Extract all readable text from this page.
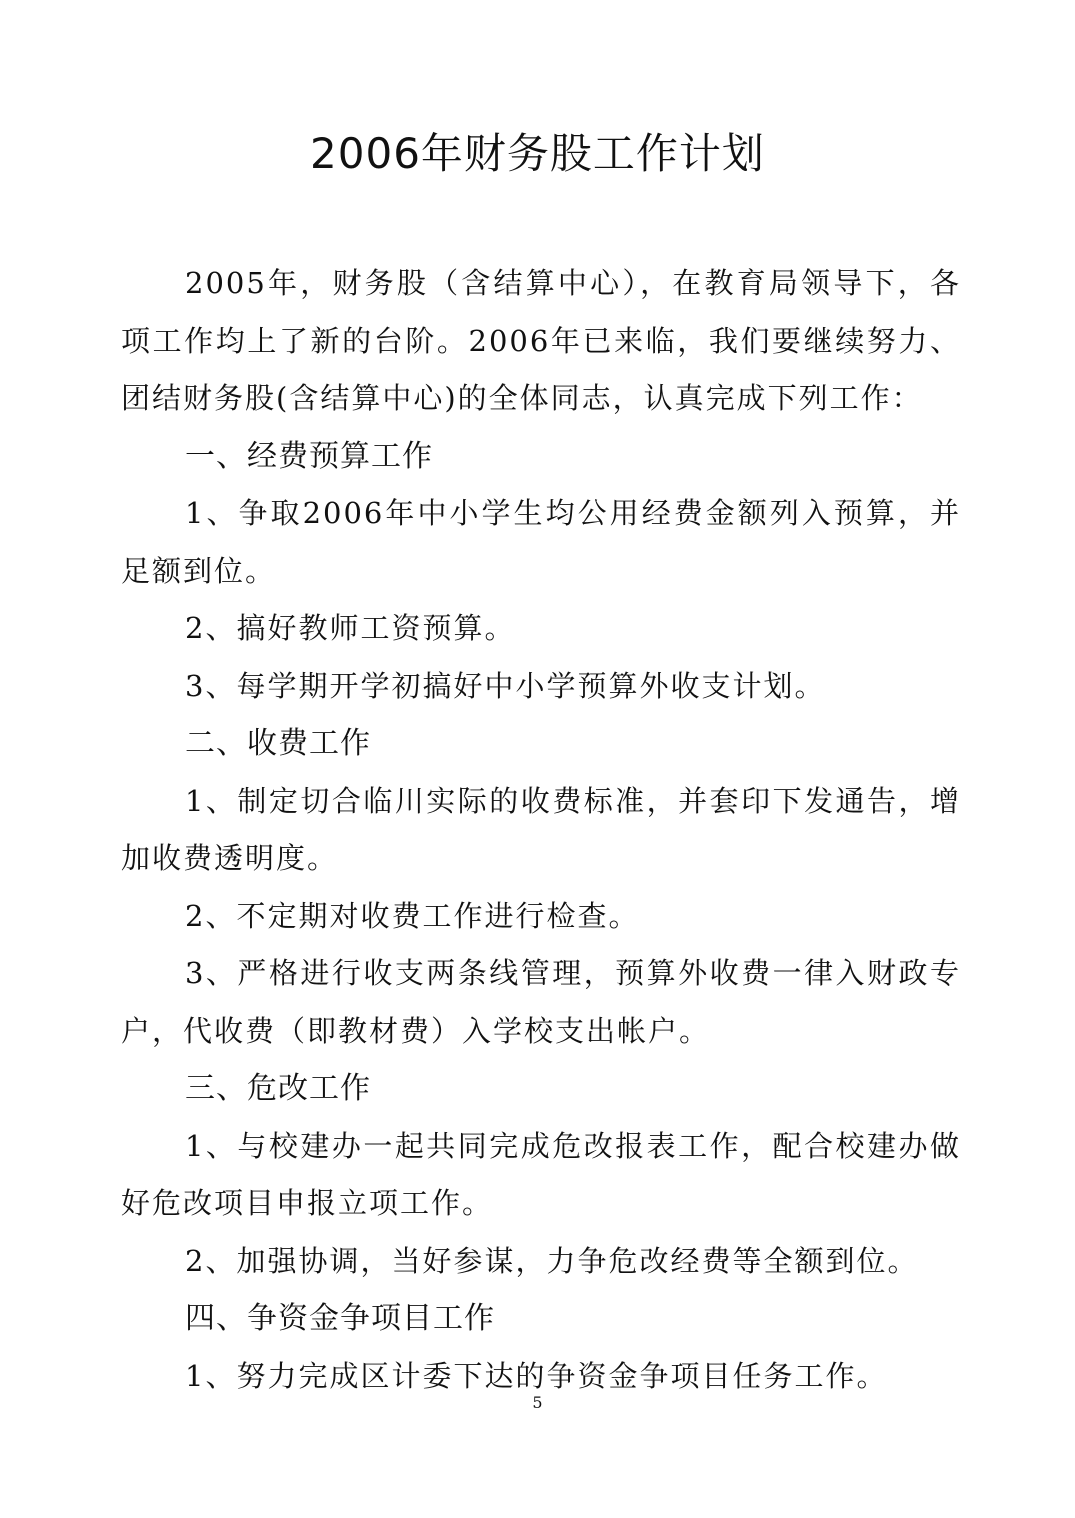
2006年财务股工作计划

2005年，财务股（含结算中心），在教育局领导下，各项工作均上了新的台阶。2006年已来临，我们要继续努力、团结财务股(含结算中心)的全体同志，认真完成下列工作：

一、经费预算工作

1、争取2006年中小学生均公用经费金额列入预算，并足额到位。

2、搞好教师工资预算。

3、每学期开学初搞好中小学预算外收支计划。

二、收费工作

1、制定切合临川实际的收费标准，并套印下发通告，增加收费透明度。

2、不定期对收费工作进行检查。

3、严格进行收支两条线管理，预算外收费一律入财政专户，代收费（即教材费）入学校支出帐户。

三、危改工作

1、与校建办一起共同完成危改报表工作，配合校建办做好危改项目申报立项工作。

2、加强协调，当好参谋，力争危改经费等全额到位。

四、争资金争项目工作

1、努力完成区计委下达的争资金争项目任务工作。

5
